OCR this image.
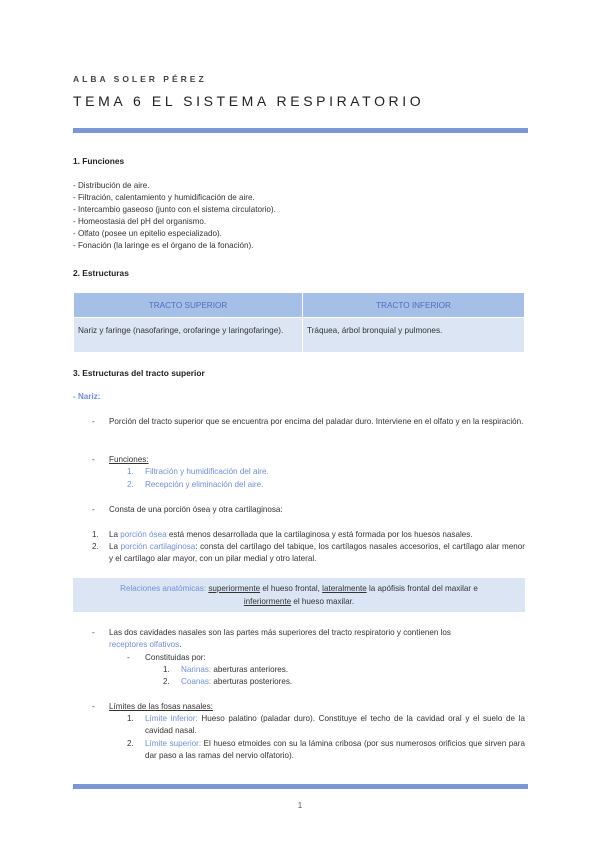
ALBA SOLER PÉREZ
TEMA 6 EL SISTEMA RESPIRATORIO
1. Funciones
- Distribución de aire.
- Filtración, calentamiento y humidificación de aire.
- Intercambio gaseoso (junto con el sistema circulatorio).
- Homeostasia del pH del organismo.
- Olfato (posee un epitelio especializado).
- Fonación (la laringe es el órgano de la fonación).
2. Estructuras
TRACTO SUPERIOR	TRACTO INFERIOR
Nariz y faringe (nasofaringe, orofaringe y laringofaringe).	Tráquea, árbol bronquial y pulmones.
3. Estructuras del tracto superior
- Nariz:
- Porción del tracto superior que se encuentra por encima del paladar duro. Interviene en el olfato y en la respiración.
- Funciones:
1. Filtración y humidificación del aire.
2. Recepción y eliminación del aire.
- Consta de una porción ósea y otra cartilaginosa:
1. La porción ósea está menos desarrollada que la cartilaginosa y está formada por los huesos nasales.
2. La porción cartilaginosa: consta del cartílago del tabique, los cartílagos nasales accesorios, el cartílago alar menor y el cartílago alar mayor, con un pilar medial y otro lateral.
Relaciones anatómicas: superiormente el hueso frontal, lateralmente la apófisis frontal del maxilar e
inferiormente el hueso maxilar.
- Las dos cavidades nasales son las partes más superiores del tracto respiratorio y contienen los
receptores olfativos.
- Constituidas por:
1. Narinas: aberturas anteriores.
2. Coanas: aberturas posteriores.
- Límites de las fosas nasales:
1. Límite inferior: Hueso palatino (paladar duro). Constituye el techo de la cavidad oral y el suelo de la cavidad nasal.
2. Límite superior: El hueso etmoides con su la lámina cribosa (por sus numerosos orificios que sirven para dar paso a las ramas del nervio olfatorio).
1
